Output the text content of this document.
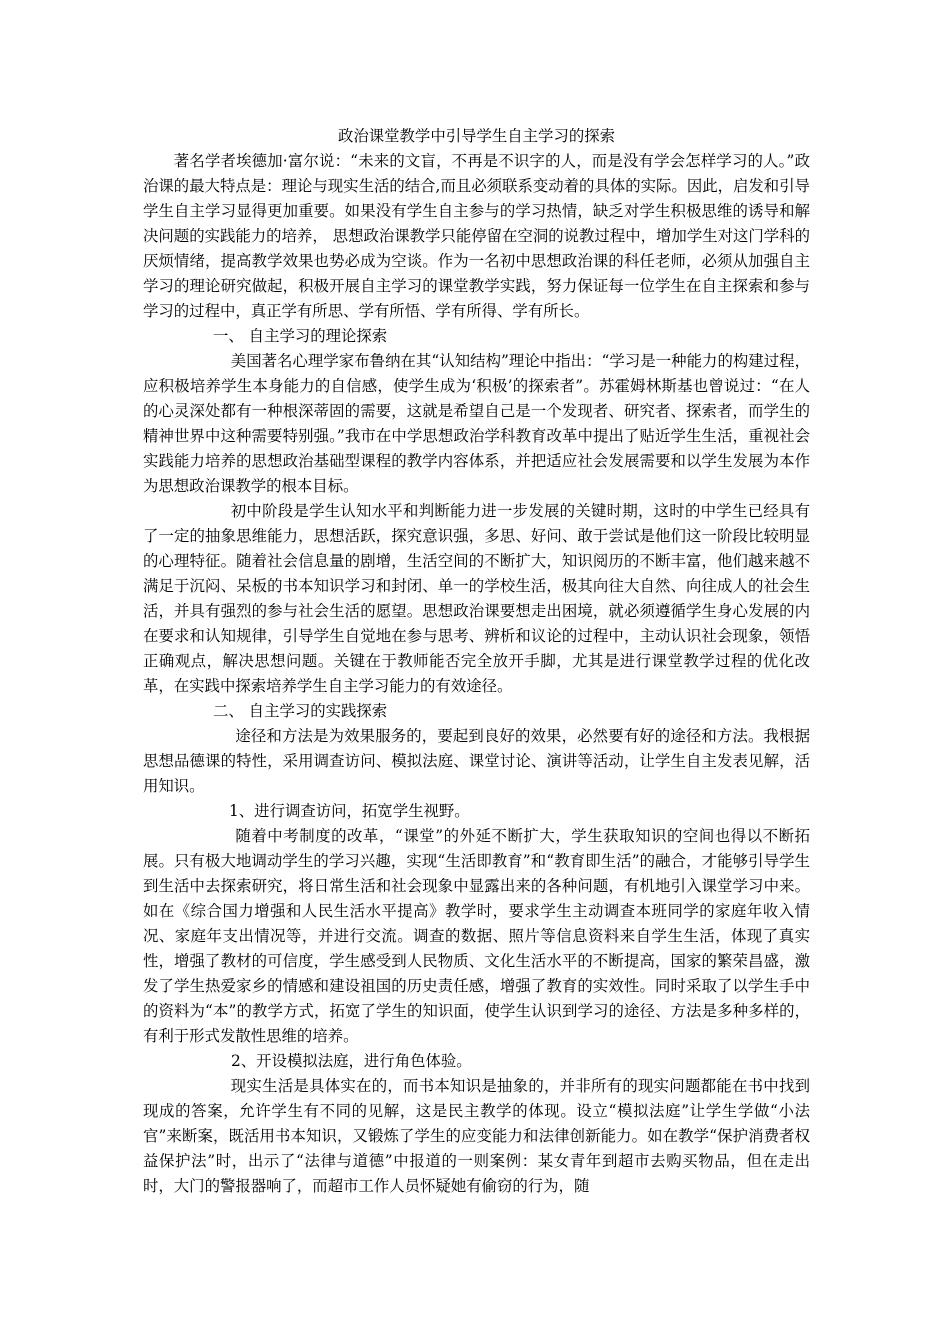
政治课堂教学中引导学生自主学习的探索

著名学者埃德加·富尔说：“未来的文盲，不再是不识字的人，而是没有学会怎样学习的人。”政治课的最大特点是：理论与现实生活的结合,而且必须联系变动着的具体的实际。因此，启发和引导学生自主学习显得更加重要。如果没有学生自主参与的学习热情，缺乏对学生积极思维的诱导和解决问题的实践能力的培养， 思想政治课教学只能停留在空洞的说教过程中，增加学生对这门学科的厌烦情绪，提高教学效果也势必成为空谈。作为一名初中思想政治课的科任老师，必须从加强自主学习的理论研究做起，积极开展自主学习的课堂教学实践，努力保证每一位学生在自主探索和参与学习的过程中，真正学有所思、学有所悟、学有所得、学有所长。

一、 自主学习的理论探索

美国著名心理学家布鲁纳在其“认知结构”理论中指出：“学习是一种能力的构建过程，应积极培养学生本身能力的自信感，使学生成为‘积极’的探索者”。苏霍姆林斯基也曾说过：“在人的心灵深处都有一种根深蒂固的需要，这就是希望自己是一个发现者、研究者、探索者，而学生的精神世界中这种需要特别强。”我市在中学思想政治学科教育改革中提出了贴近学生生活，重视社会实践能力培养的思想政治基础型课程的教学内容体系，并把适应社会发展需要和以学生发展为本作为思想政治课教学的根本目标。

初中阶段是学生认知水平和判断能力进一步发展的关键时期，这时的中学生已经具有了一定的抽象思维能力，思想活跃，探究意识强，多思、好问、敢于尝试是他们这一阶段比较明显的心理特征。随着社会信息量的剧增，生活空间的不断扩大，知识阅历的不断丰富，他们越来越不满足于沉闷、呆板的书本知识学习和封闭、单一的学校生活，极其向往大自然、向往成人的社会生活，并具有强烈的参与社会生活的愿望。思想政治课要想走出困境，就必须遵循学生身心发展的内在要求和认知规律，引导学生自觉地在参与思考、辨析和议论的过程中，主动认识社会现象，领悟正确观点，解决思想问题。关键在于教师能否完全放开手脚，尤其是进行课堂教学过程的优化改革，在实践中探索培养学生自主学习能力的有效途径。

二、 自主学习的实践探索

途径和方法是为效果服务的，要起到良好的效果，必然要有好的途径和方法。我根据思想品德课的特性，采用调查访问、模拟法庭、课堂讨论、演讲等活动，让学生自主发表见解，活用知识。

1、进行调查访问，拓宽学生视野。

随着中考制度的改革，“课堂”的外延不断扩大，学生获取知识的空间也得以不断拓展。只有极大地调动学生的学习兴趣，实现“生活即教育”和“教育即生活”的融合，才能够引导学生到生活中去探索研究，将日常生活和社会现象中显露出来的各种问题，有机地引入课堂学习中来。如在《综合国力增强和人民生活水平提高》教学时，要求学生主动调查本班同学的家庭年收入情况、家庭年支出情况等，并进行交流。调查的数据、照片等信息资料来自学生生活，体现了真实性，增强了教材的可信度，学生感受到人民物质、文化生活水平的不断提高，国家的繁荣昌盛，激发了学生热爱家乡的情感和建设祖国的历史责任感，增强了教育的实效性。同时采取了以学生手中的资料为“本”的教学方式，拓宽了学生的知识面，使学生认识到学习的途径、方法是多种多样的，有利于形式发散性思维的培养。

2、开设模拟法庭，进行角色体验。

现实生活是具体实在的，而书本知识是抽象的，并非所有的现实问题都能在书中找到现成的答案，允许学生有不同的见解，这是民主教学的体现。设立“模拟法庭”让学生学做“小法官”来断案，既活用书本知识，又锻炼了学生的应变能力和法律创新能力。如在教学“保护消费者权益保护法”时，出示了“法律与道德”中报道的一则案例：某女青年到超市去购买物品，但在走出时，大门的警报器响了，而超市工作人员怀疑她有偷窃的行为，随
